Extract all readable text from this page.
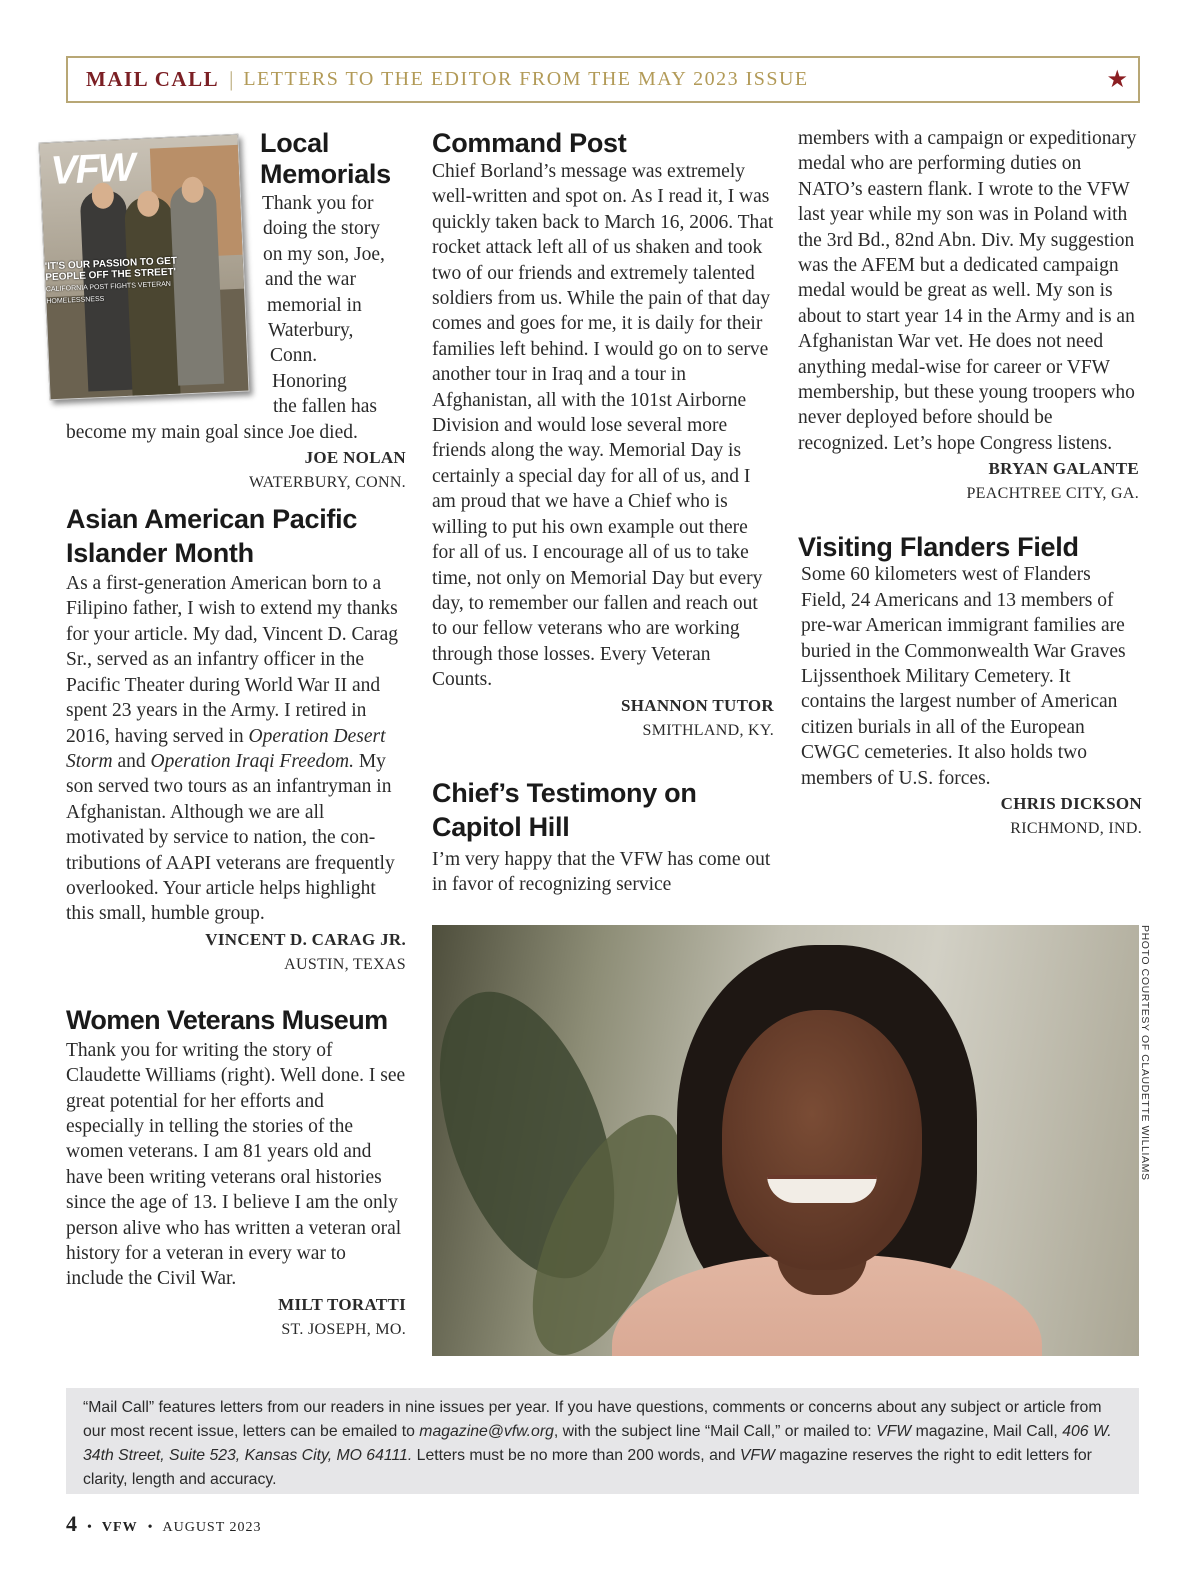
MAIL CALL | LETTERS TO THE EDITOR FROM THE MAY 2023 ISSUE	★
VFW
'IT'S OUR PASSION TO GET PEOPLE OFF THE STREET'
CALIFORNIA POST FIGHTS VETERAN HOMELESSNESS
Local
Memorials

Thank you for

doing the story

on my son, Joe,

and the war

memorial in

Waterbury,

Conn.

Honoring

the fallen has

become my main goal since Joe died.

JOE NOLAN
WATERBURY, CONN.
Asian American Pacific
Islander Month

As a first-generation American born to a Filipino father, I wish to extend my thanks for your article. My dad, Vincent D. Carag Sr., served as an infantry officer in the Pacific Theater during World War II and spent 23 years in the Army. I retired in 2016, having served in Operation Desert Storm and Operation Iraqi Freedom. My son served two tours as an infantryman in Afghanistan. Although we are all motivated by service to nation, the contributions of AAPI veterans are frequently overlooked. Your article helps highlight this small, humble group.

VINCENT D. CARAG JR.
AUSTIN, TEXAS
Women Veterans Museum

Thank you for writing the story of Claudette Williams (right). Well done. I see great potential for her efforts and especially in telling the stories of the women veterans. I am 81 years old and have been writing veterans oral histories since the age of 13. I believe I am the only person alive who has written a veteran oral history for a veteran in every war to include the Civil War.

MILT TORATTI
ST. JOSEPH, MO.
Command Post

Chief Borland’s message was extremely well-written and spot on. As I read it, I was quickly taken back to March 16, 2006. That rocket attack left all of us shaken and took two of our friends and extremely talented soldiers from us. While the pain of that day comes and goes for me, it is daily for their families left behind. I would go on to serve another tour in Iraq and a tour in Afghanistan, all with the 101st Airborne Division and would lose several more friends along the way. Memorial Day is certainly a special day for all of us, and I am proud that we have a Chief who is willing to put his own example out there for all of us. I encourage all of us to take time, not only on Memorial Day but every day, to remember our fallen and reach out to our fellow veterans who are working through those losses. Every Veteran Counts.

SHANNON TUTOR
SMITHLAND, KY.
Chief’s Testimony on
Capitol Hill

I’m very happy that the VFW has come out in favor of recognizing service

members with a campaign or expeditionary medal who are performing duties on NATO’s eastern flank. I wrote to the VFW last year while my son was in Poland with the 3rd Bd., 82nd Abn. Div. My suggestion was the AFEM but a dedicated campaign medal would be great as well. My son is about to start year 14 in the Army and is an Afghanistan War vet. He does not need anything medal-wise for career or VFW membership, but these young troopers who never deployed before should be recognized. Let’s hope Congress listens.

BRYAN GALANTE
PEACHTREE CITY, GA.
Visiting Flanders Field

Some 60 kilometers west of Flanders Field, 24 Americans and 13 members of pre-war American immigrant families are buried in the Commonwealth War Graves Lijssenthoek Military Cemetery. It contains the largest number of American citizen burials in all of the European CWGC cemeteries. It also holds two members of U.S. forces.

CHRIS DICKSON
RICHMOND, IND.
PHOTO COURTESY OF CLAUDETTE WILLIAMS
“Mail Call” features letters from our readers in nine issues per year. If you have questions, comments or concerns about any subject or article from our most recent issue, letters can be emailed to magazine@vfw.org, with the subject line “Mail Call,” or mailed to: VFW magazine, Mail Call, 406 W. 34th Street, Suite 523, Kansas City, MO 64111. Letters must be no more than 200 words, and VFW magazine reserves the right to edit letters for clarity, length and accuracy.
4 • VFW • AUGUST 2023
